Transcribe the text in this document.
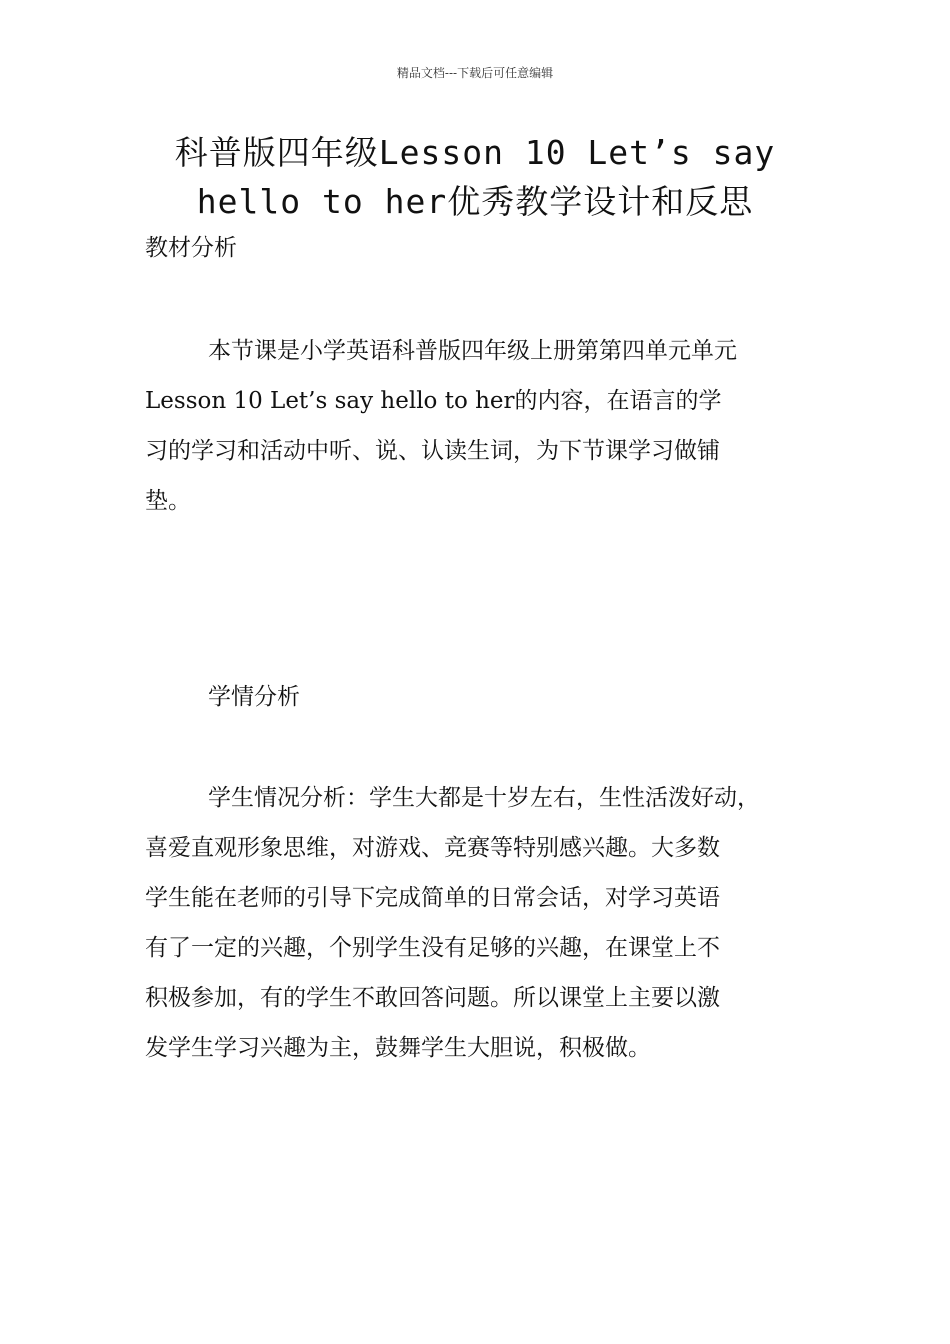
精品文档---下载后可任意编辑
科普版四年级Lesson 10 Let’s say
hello to her优秀教学设计和反思
教材分析
本节课是小学英语科普版四年级上册第第四单元单元
Lesson 10 Let’s say hello to her的内容，在语言的学
习的学习和活动中听、说、认读生词，为下节课学习做铺
垫。
学情分析
学生情况分析：学生大都是十岁左右，生性活泼好动，
喜爱直观形象思维，对游戏、竞赛等特别感兴趣。大多数
学生能在老师的引导下完成简单的日常会话，对学习英语
有了一定的兴趣，个别学生没有足够的兴趣，在课堂上不
积极参加，有的学生不敢回答问题。所以课堂上主要以激
发学生学习兴趣为主，鼓舞学生大胆说，积极做。
